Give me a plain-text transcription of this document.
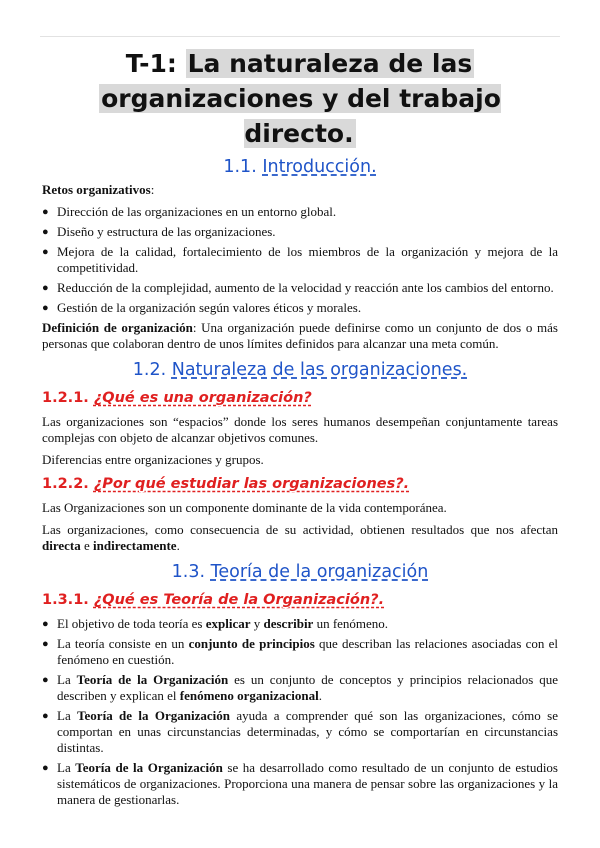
T-1: La naturaleza de las
organizaciones y del trabajo directo.
1.1. Introducción.

Retos organizativos:

● Dirección de las organizaciones en un entorno global.
● Diseño y estructura de las organizaciones.
● Mejora de la calidad, fortalecimiento de los miembros de la organización y mejora de la competitividad.
● Reducción de la complejidad, aumento de la velocidad y reacción ante los cambios del entorno.
● Gestión de la organización según valores éticos y morales.

Definición de organización: Una organización puede definirse como un conjunto de dos o más personas que colaboran dentro de unos límites definidos para alcanzar una meta común.

1.2. Naturaleza de las organizaciones.
1.2.1. ¿Qué es una organización?

Las organizaciones son “espacios” donde los seres humanos desempeñan conjuntamente tareas complejas con objeto de alcanzar objetivos comunes.

Diferencias entre organizaciones y grupos.

1.2.2. ¿Por qué estudiar las organizaciones?.

Las Organizaciones son un componente dominante de la vida contemporánea.

Las organizaciones, como consecuencia de su actividad, obtienen resultados que nos afectan directa e indirectamente.

1.3. Teoría de la organización
1.3.1. ¿Qué es Teoría de la Organización?.
● El objetivo de toda teoría es explicar y describir un fenómeno.
● La teoría consiste en un conjunto de principios que describan las relaciones asociadas con el fenómeno en cuestión.
● La Teoría de la Organización es un conjunto de conceptos y principios relacionados que describen y explican el fenómeno organizacional.
● La Teoría de la Organización ayuda a comprender qué son las organizaciones, cómo se comportan en unas circunstancias determinadas, y cómo se comportarían en circunstancias distintas.
● La Teoría de la Organización se ha desarrollado como resultado de un conjunto de estudios sistemáticos de organizaciones. Proporciona una manera de pensar sobre las organizaciones y la manera de gestionarlas.
